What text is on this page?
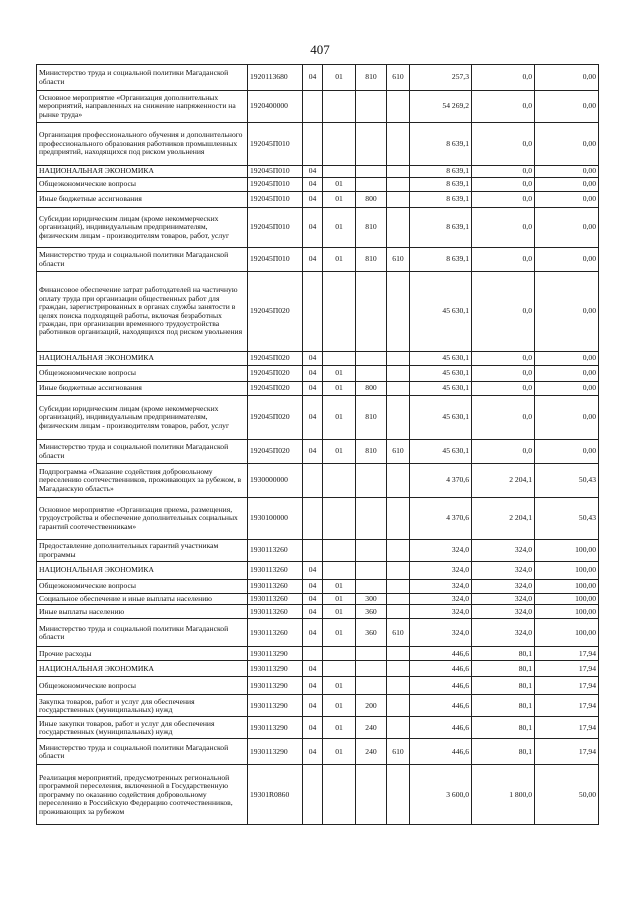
407
Министерство труда и социальной политики Магаданской области	1920113680	04	01	810	610	257,3	0,0	0,00
Основное мероприятие «Организация дополнительных мероприятий, направленных на снижение напряженности на рынке труда»	1920400000					54 269,2	0,0	0,00
Организация профессионального обучения и дополнительного профессионального образования работников промышленных предприятий, находящихся под риском увольнения	192045П010					8 639,1	0,0	0,00
НАЦИОНАЛЬНАЯ ЭКОНОМИКА	192045П010	04				8 639,1	0,0	0,00
Общеэкономические вопросы	192045П010	04	01			8 639,1	0,0	0,00
Иные бюджетные ассигнования	192045П010	04	01	800		8 639,1	0,0	0,00
Субсидии юридическим лицам (кроме некоммерческих организаций), индивидуальным предпринимателям, физическим лицам - производителям товаров, работ, услуг	192045П010	04	01	810		8 639,1	0,0	0,00
Министерство труда и социальной политики Магаданской области	192045П010	04	01	810	610	8 639,1	0,0	0,00
Финансовое обеспечение затрат работодателей на частичную оплату труда при организации общественных работ для граждан, зарегистрированных в органах службы занятости в целях поиска подходящей работы, включая безработных граждан, при организации временного трудоустройства работников организаций, находящихся под риском увольнения	192045П020					45 630,1	0,0	0,00
НАЦИОНАЛЬНАЯ ЭКОНОМИКА	192045П020	04				45 630,1	0,0	0,00
Общеэкономические вопросы	192045П020	04	01			45 630,1	0,0	0,00
Иные бюджетные ассигнования	192045П020	04	01	800		45 630,1	0,0	0,00
Субсидии юридическим лицам (кроме некоммерческих организаций), индивидуальным предпринимателям, физическим лицам - производителям товаров, работ, услуг	192045П020	04	01	810		45 630,1	0,0	0,00
Министерство труда и социальной политики Магаданской области	192045П020	04	01	810	610	45 630,1	0,0	0,00
Подпрограмма «Оказание содействия добровольному переселению соотечественников, проживающих за рубежом, в Магаданскую область»	1930000000					4 370,6	2 204,1	50,43
Основное мероприятие «Организация приема, размещения, трудоустройства и обеспечение дополнительных социальных гарантий соотечественникам»	1930100000					4 370,6	2 204,1	50,43
Предоставление дополнительных гарантий участникам программы	1930113260					324,0	324,0	100,00
НАЦИОНАЛЬНАЯ ЭКОНОМИКА	1930113260	04				324,0	324,0	100,00
Общеэкономические вопросы	1930113260	04	01			324,0	324,0	100,00
Социальное обеспечение и иные выплаты населению	1930113260	04	01	300		324,0	324,0	100,00
Иные выплаты населению	1930113260	04	01	360		324,0	324,0	100,00
Министерство труда и социальной политики Магаданской области	1930113260	04	01	360	610	324,0	324,0	100,00
Прочие расходы	1930113290					446,6	80,1	17,94
НАЦИОНАЛЬНАЯ ЭКОНОМИКА	1930113290	04				446,6	80,1	17,94
Общеэкономические вопросы	1930113290	04	01			446,6	80,1	17,94
Закупка товаров, работ и услуг для обеспечения государственных (муниципальных) нужд	1930113290	04	01	200		446,6	80,1	17,94
Иные закупки товаров, работ и услуг для обеспечения государственных (муниципальных) нужд	1930113290	04	01	240		446,6	80,1	17,94
Министерство труда и социальной политики Магаданской области	1930113290	04	01	240	610	446,6	80,1	17,94
Реализация мероприятий, предусмотренных региональной программой переселения, включенной в Государственную программу по оказанию содействия добровольному переселению в Российскую Федерацию соотечественников, проживающих за рубежом	19301R0860					3 600,0	1 800,0	50,00
